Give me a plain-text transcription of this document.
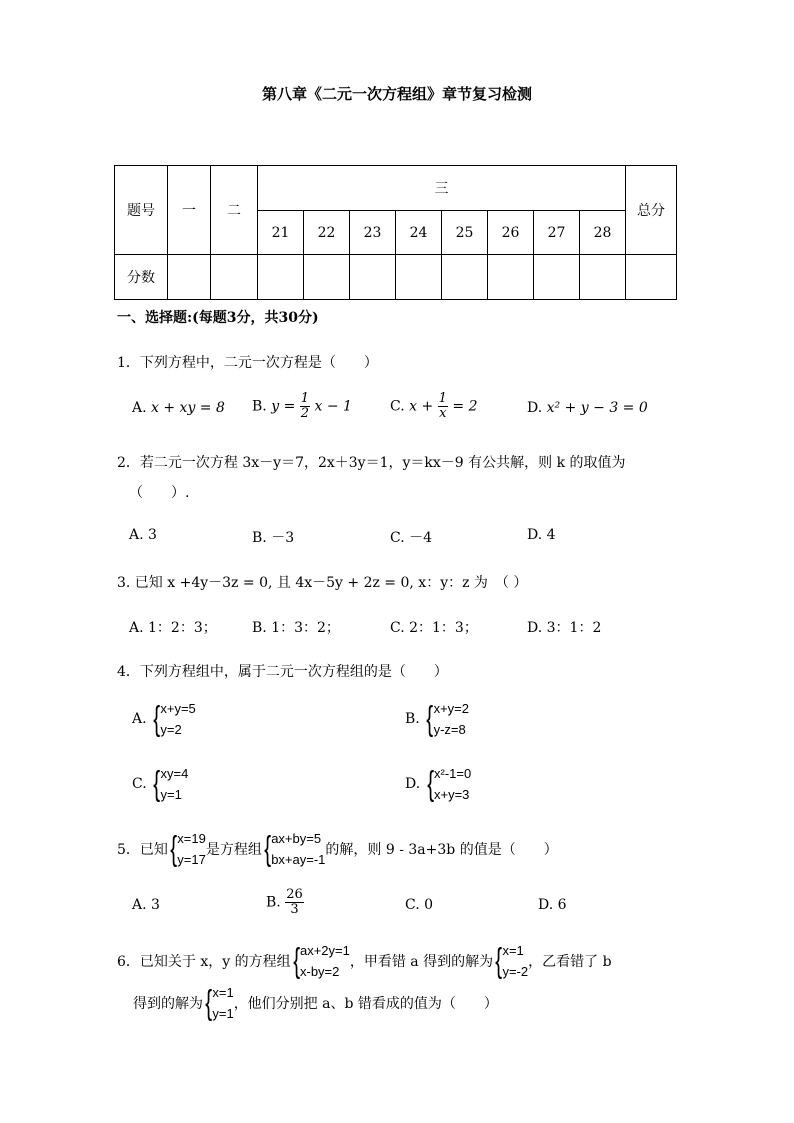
第八章《二元一次方程组》章节复习检测
题号	一	二	三								总分
			21	22	23	24	25	26	27	28	
分数											
一、选择题:(每题3分，共30分)
1．下列方程中，二元一次方程是（　　）
A. x + xy = 8 B. $y = \frac{1}{2}$ x − 1	C. $x + \frac{1}{x} = 2$	D. x² + y − 3 = 0
2．若二元一次方程 3x－y＝7，2x＋3y＝1，y＝kx－9 有公共解，则 k 的取值为
（　　）.
A. 3	B. －3	C. －4	D. 4
3. 已知 x +4y－3z = 0, 且 4x－5y + 2z = 0, x：y：z 为　（ ）
A. 1：2：3；	B. 1：3：2；	C. 2：1：3；	D. 3：1：2
4．下列方程组中，属于二元一次方程组的是（　　）
A. { x+y=5
y=2
B. { x+y=2
y-z=8
C. { xy=4
y=1
D. { x²-1=0
x+y=3
5．已知{ x=19
y=17
是方程组{ ax+by=5
bx+ay=-1
的解，则 9 - 3a+3b 的值是（　　）
A. 3	B. $\frac{26}{3}$	C. 0	D. 6
6．已知关于 x，y 的方程组{ ax+2y=1
x-by=2
，甲看错 a 得到的解为{ x=1
y=-2
，乙看错了 b
得到的解为{ x=1
y=1
，他们分别把 a、b 错看成的值为（　　）
